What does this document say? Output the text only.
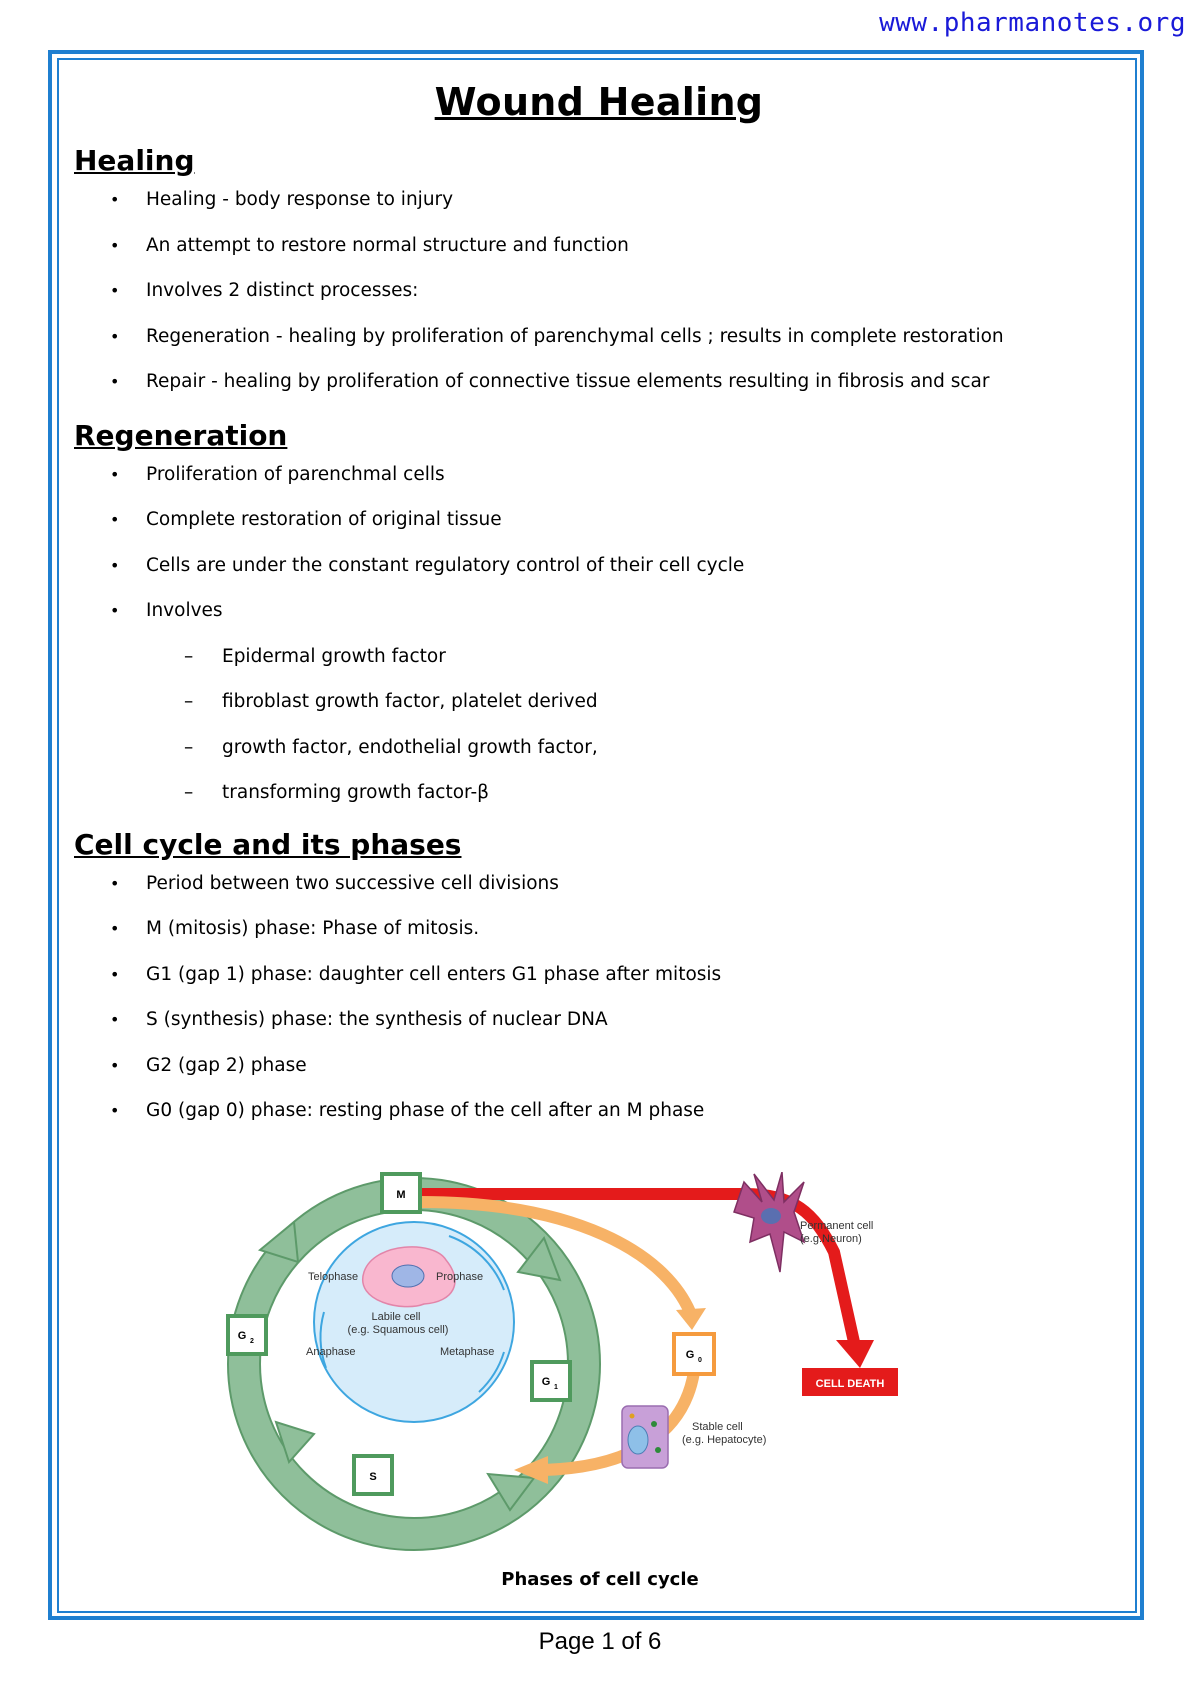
www.pharmanotes.org
Wound Healing
Healing
• Healing - body response to injury
• An attempt to restore normal structure and function
• Involves 2 distinct processes:
• Regeneration - healing by proliferation of parenchymal cells ; results in complete restoration
• Repair - healing by proliferation of connective tissue elements resulting in fibrosis and scar
Regeneration
• Proliferation of parenchmal cells
• Complete restoration of original tissue
• Cells are under the constant regulatory control of their cell cycle
• Involves
– Epidermal growth factor
– fibroblast growth factor, platelet derived
– growth factor, endothelial growth factor,
– transforming growth factor-β
Cell cycle and its phases
• Period between two successive cell divisions
• M (mitosis) phase: Phase of mitosis.
• G1 (gap 1) phase: daughter cell enters G1 phase after mitosis
• S (synthesis) phase: the synthesis of nuclear DNA
• G2 (gap 2) phase
• G0 (gap 0) phase: resting phase of the cell after an M phase
Telophase	Prophase
Anaphase	Metaphase
Labile cell
(e.g. Squamous cell)
M
G 1
S
G 2
G 0
Permanent cell
(e.g.Neuron)
CELL DEATH
Stable cell
(e.g. Hepatocyte)
Phases of cell cycle
Page 1 of 6
